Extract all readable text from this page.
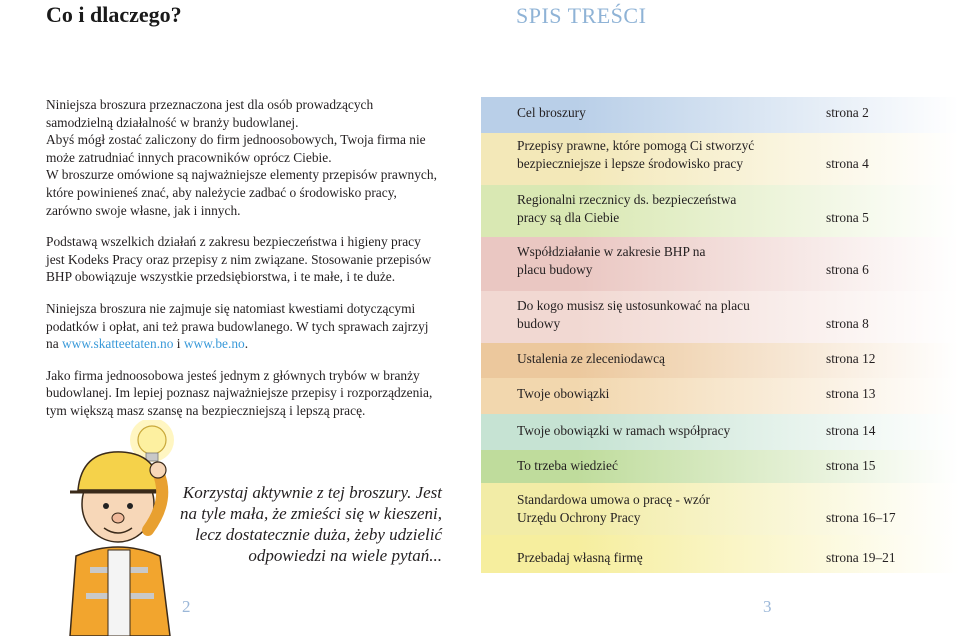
Co i dlaczego?	SPIS TREŚCI

Niniejsza broszura przeznaczona jest dla osób prowadzących samodzielną działalność w branży budowlanej.
Abyś mógł zostać zaliczony do firm jednoosobowych, Twoja firma nie może zatrudniać innych pracowników oprócz Ciebie.
W broszurze omówione są najważniejsze elementy przepisów prawnych, które powinieneś znać, aby należycie zadbać o środowisko pracy, zarówno swoje własne, jak i innych.

Podstawą wszelkich działań z zakresu bezpieczeństwa i higieny pracy jest Kodeks Pracy oraz przepisy z nim związane. Stosowanie przepisów BHP obowiązuje wszystkie przedsiębiorstwa, i te małe, i te duże.

Niniejsza broszura nie zajmuje się natomiast kwestiami dotyczącymi podatków i opłat, ani też prawa budowlanego. W tych sprawach zajrzyj na www.skatteetaten.no i www.be.no.

Jako firma jednoosobowa jesteś jednym z głównych trybów w branży budowlanej. Im lepiej poznasz najważniejsze przepisy i rozporządzenia, tym większą masz szansę na bezpieczniejszą i lepszą pracę.

Korzystaj aktywnie z tej broszury. Jest na tyle mała, że zmieści się w kieszeni, lecz dostatecznie duża, żeby udzielić odpowiedzi na wiele pytań...
2	3
Cel broszury	strona 2
Przepisy prawne, które pomogą Ci stworzyć bezpieczniejsze i lepsze środowisko pracy	strona 4
Regionalni rzecznicy ds. bezpieczeństwa pracy są dla Ciebie	strona 5
Współdziałanie w zakresie BHP na placu budowy	strona 6
Do kogo musisz się ustosunkować na placu budowy	strona 8
Ustalenia ze zleceniodawcą	strona 12
Twoje obowiązki	strona 13
Twoje obowiązki w ramach współpracy	strona 14
To trzeba wiedzieć	strona 15
Standardowa umowa o pracę - wzór Urzędu Ochrony Pracy	strona 16–17
Przebadaj własną firmę	strona 19–21
